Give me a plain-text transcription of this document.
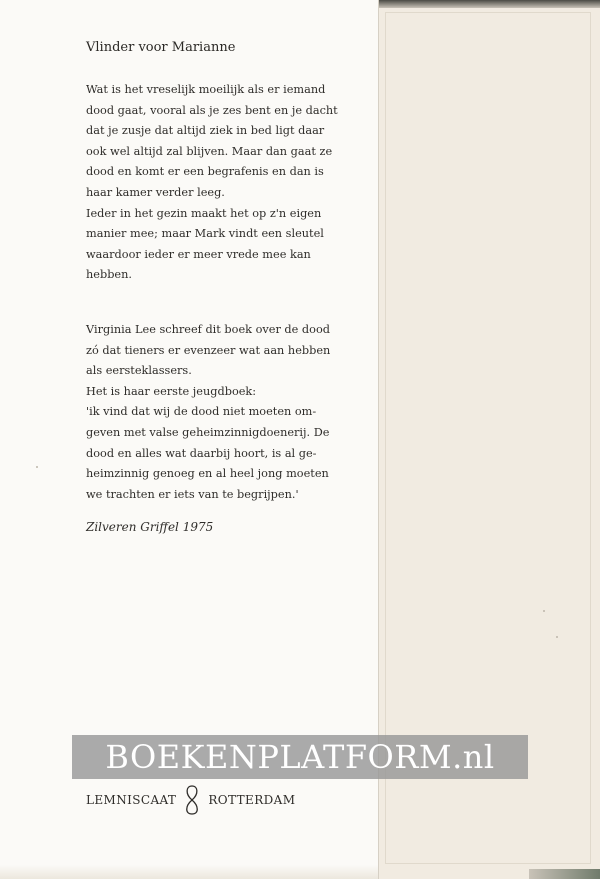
Vlinder voor Marianne
Wat is het vreselijk moeilijk als er iemand
dood gaat, vooral als je zes bent en je dacht
dat je zusje dat altijd ziek in bed ligt daar
ook wel altijd zal blijven. Maar dan gaat ze
dood en komt er een begrafenis en dan is
haar kamer verder leeg.
Ieder in het gezin maakt het op z'n eigen
manier mee; maar Mark vindt een sleutel
waardoor ieder er meer vrede mee kan
hebben.
Virginia Lee schreef dit boek over de dood
zó dat tieners er evenzeer wat aan hebben
als eersteklassers.
Het is haar eerste jeugdboek:
'ik vind dat wij de dood niet moeten om-
geven met valse geheimzinnigdoenerij. De
dood en alles wat daarbij hoort, is al ge-
heimzinnig genoeg en al heel jong moeten
we trachten er iets van te begrijpen.'
Zilveren Griffel 1975
BOEKENPLATFORM.nl
LEMNISCAAT	ROTTERDAM
